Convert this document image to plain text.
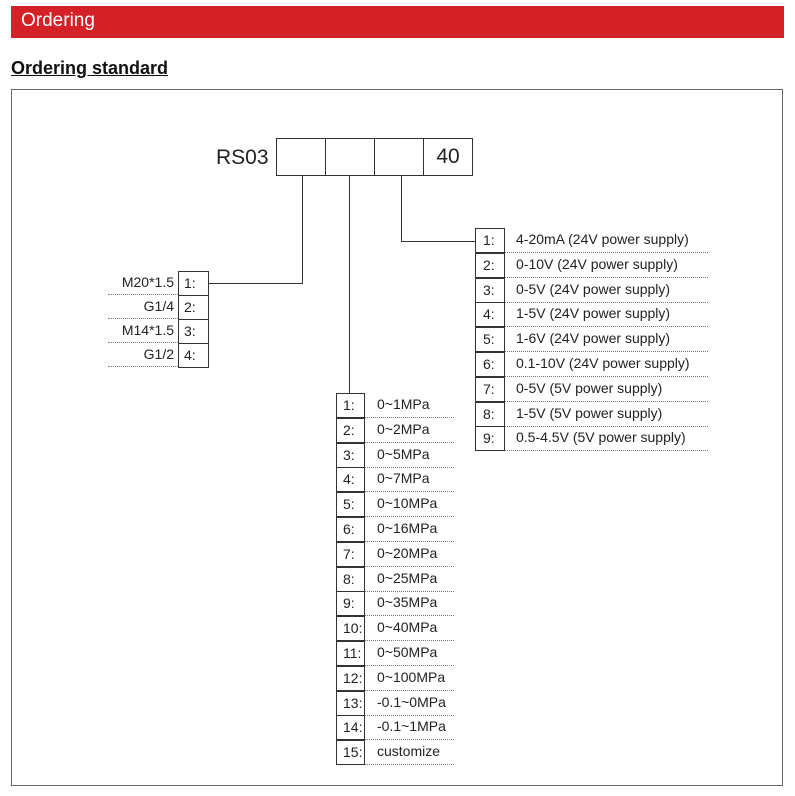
Ordering
Ordering standard
RS03	40
M20*1.5 1:
G1/4 2:
M14*1.5 3:
G1/2 4:
1:	0~1MPa
2:	0~2MPa
3:	0~5MPa
4:	0~7MPa
5:	0~10MPa
6:	0~16MPa
7:	0~20MPa
8:	0~25MPa
9:	0~35MPa
10: 0~40MPa
11: 0~50MPa
12: 0~100MPa
13: -0.1~0MPa
14: -0.1~1MPa
15: customize
1:	4-20mA (24V power supply)
2:	0-10V (24V power supply)
3:	0-5V (24V power supply)
4:	1-5V (24V power supply)
5:	1-6V (24V power supply)
6:	0.1-10V (24V power supply)
7:	0-5V (5V power supply)
8:	1-5V (5V power supply)
9:	0.5-4.5V (5V power supply)
